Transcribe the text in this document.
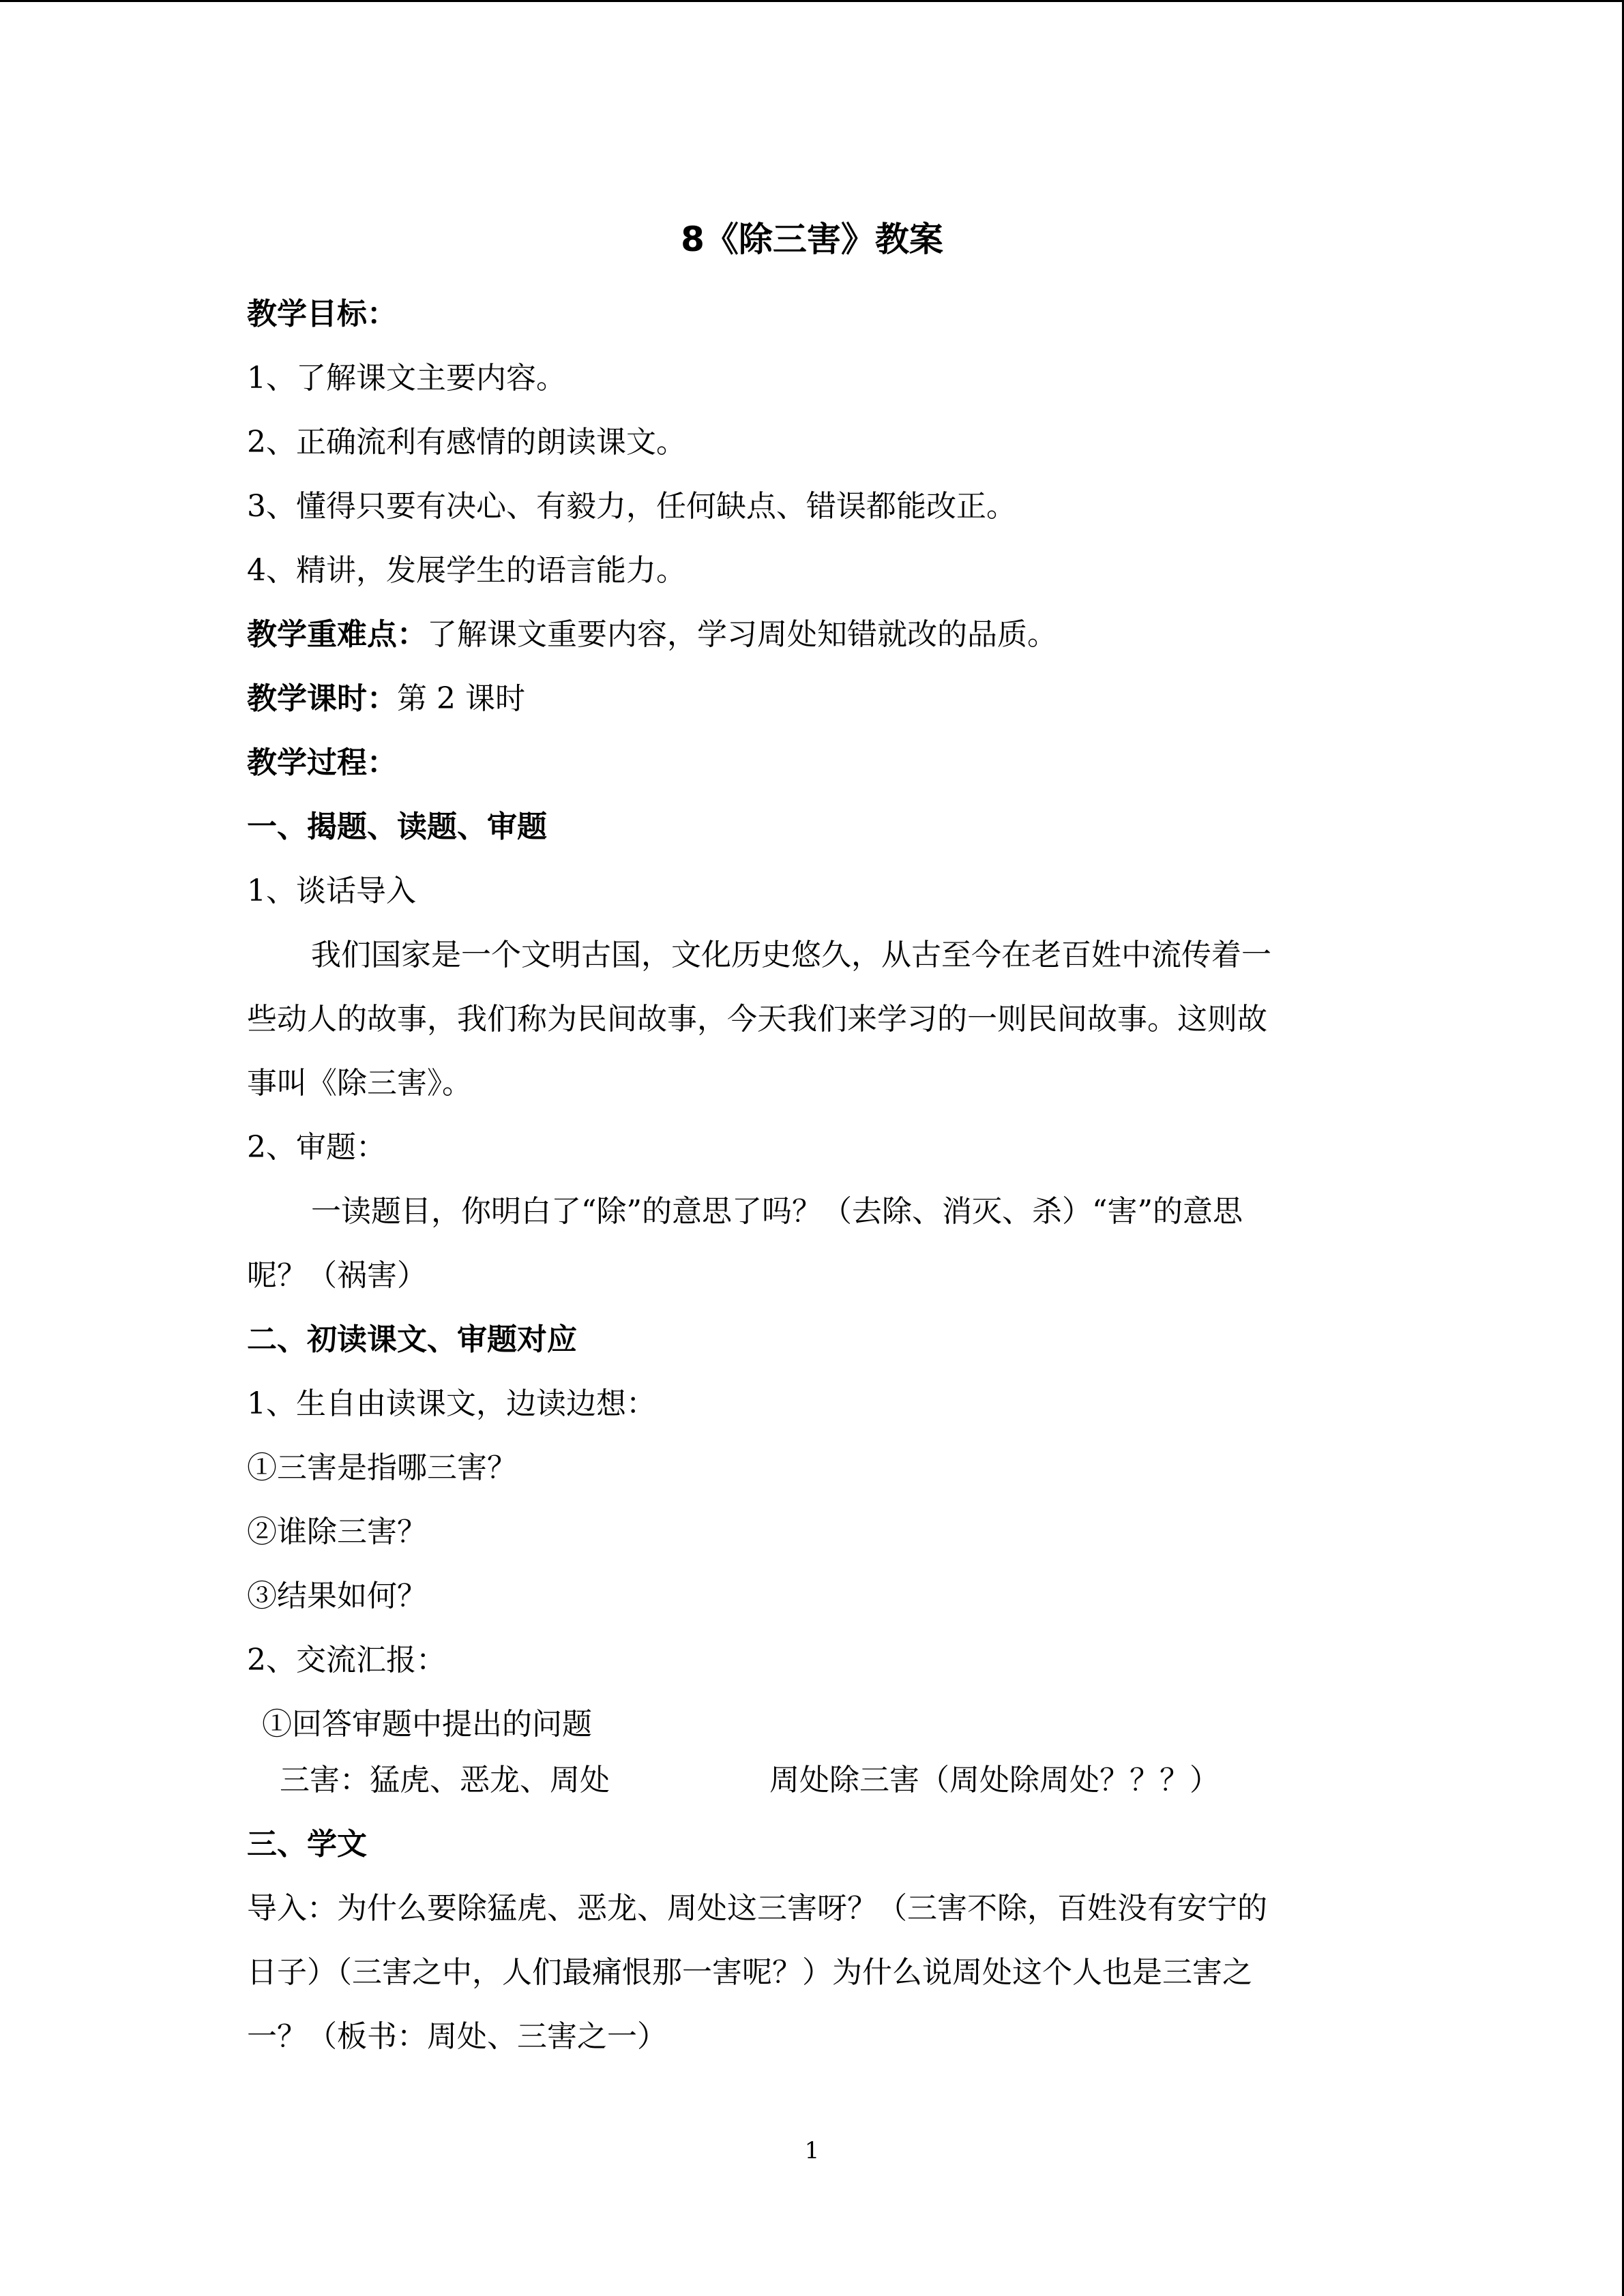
8《除三害》教案
教学目标：
1、了解课文主要内容。
2、正确流利有感情的朗读课文。
3、懂得只要有决心、有毅力，任何缺点、错误都能改正。
4、精讲，发展学生的语言能力。
教学重难点：了解课文重要内容，学习周处知错就改的品质。
教学课时：第 2 课时
教学过程：
一、揭题、读题、审题
1、谈话导入
我们国家是一个文明古国，文化历史悠久，从古至今在老百姓中流传着一
些动人的故事，我们称为民间故事，今天我们来学习的一则民间故事。这则故
事叫《除三害》。
2、审题：
一读题目，你明白了“除”的意思了吗？（去除、消灭、杀）“害”的意思
呢？（祸害）
二、初读课文、审题对应
1、生自由读课文，边读边想：
①三害是指哪三害？
②谁除三害？
③结果如何？
2、交流汇报：
①回答审题中提出的问题
三害：猛虎、恶龙、周处	周处除三害（周处除周处？？？）
三、学文
导入：为什么要除猛虎、恶龙、周处这三害呀？（三害不除，百姓没有安宁的
日子）（三害之中，人们最痛恨那一害呢？）为什么说周处这个人也是三害之
一？（板书：周处、三害之一）
1
